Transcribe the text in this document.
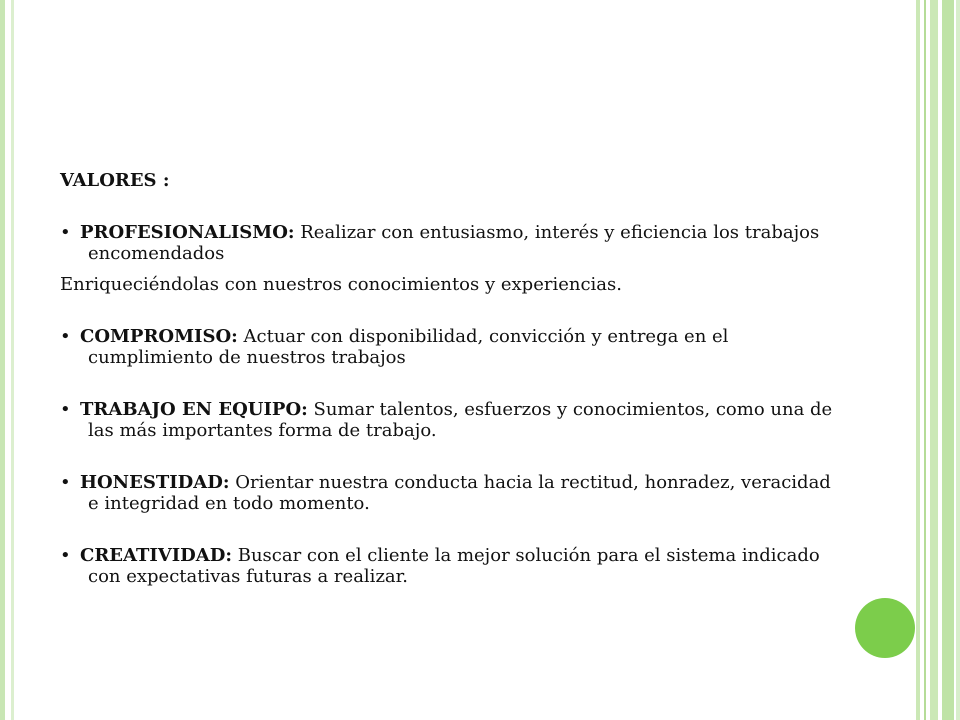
VALORES :

• PROFESIONALISMO: Realizar con entusiasmo, interés y eficiencia los trabajos encomendados

Enriqueciéndolas con nuestros conocimientos y experiencias.

• COMPROMISO: Actuar con disponibilidad, convicción y entrega en el cumplimiento de nuestros trabajos

• TRABAJO EN EQUIPO: Sumar talentos, esfuerzos y conocimientos, como una de las más importantes forma de trabajo.

• HONESTIDAD: Orientar nuestra conducta hacia la rectitud, honradez, veracidad e integridad en todo momento.

• CREATIVIDAD: Buscar con el cliente la mejor solución para el sistema indicado con expectativas futuras a realizar.
